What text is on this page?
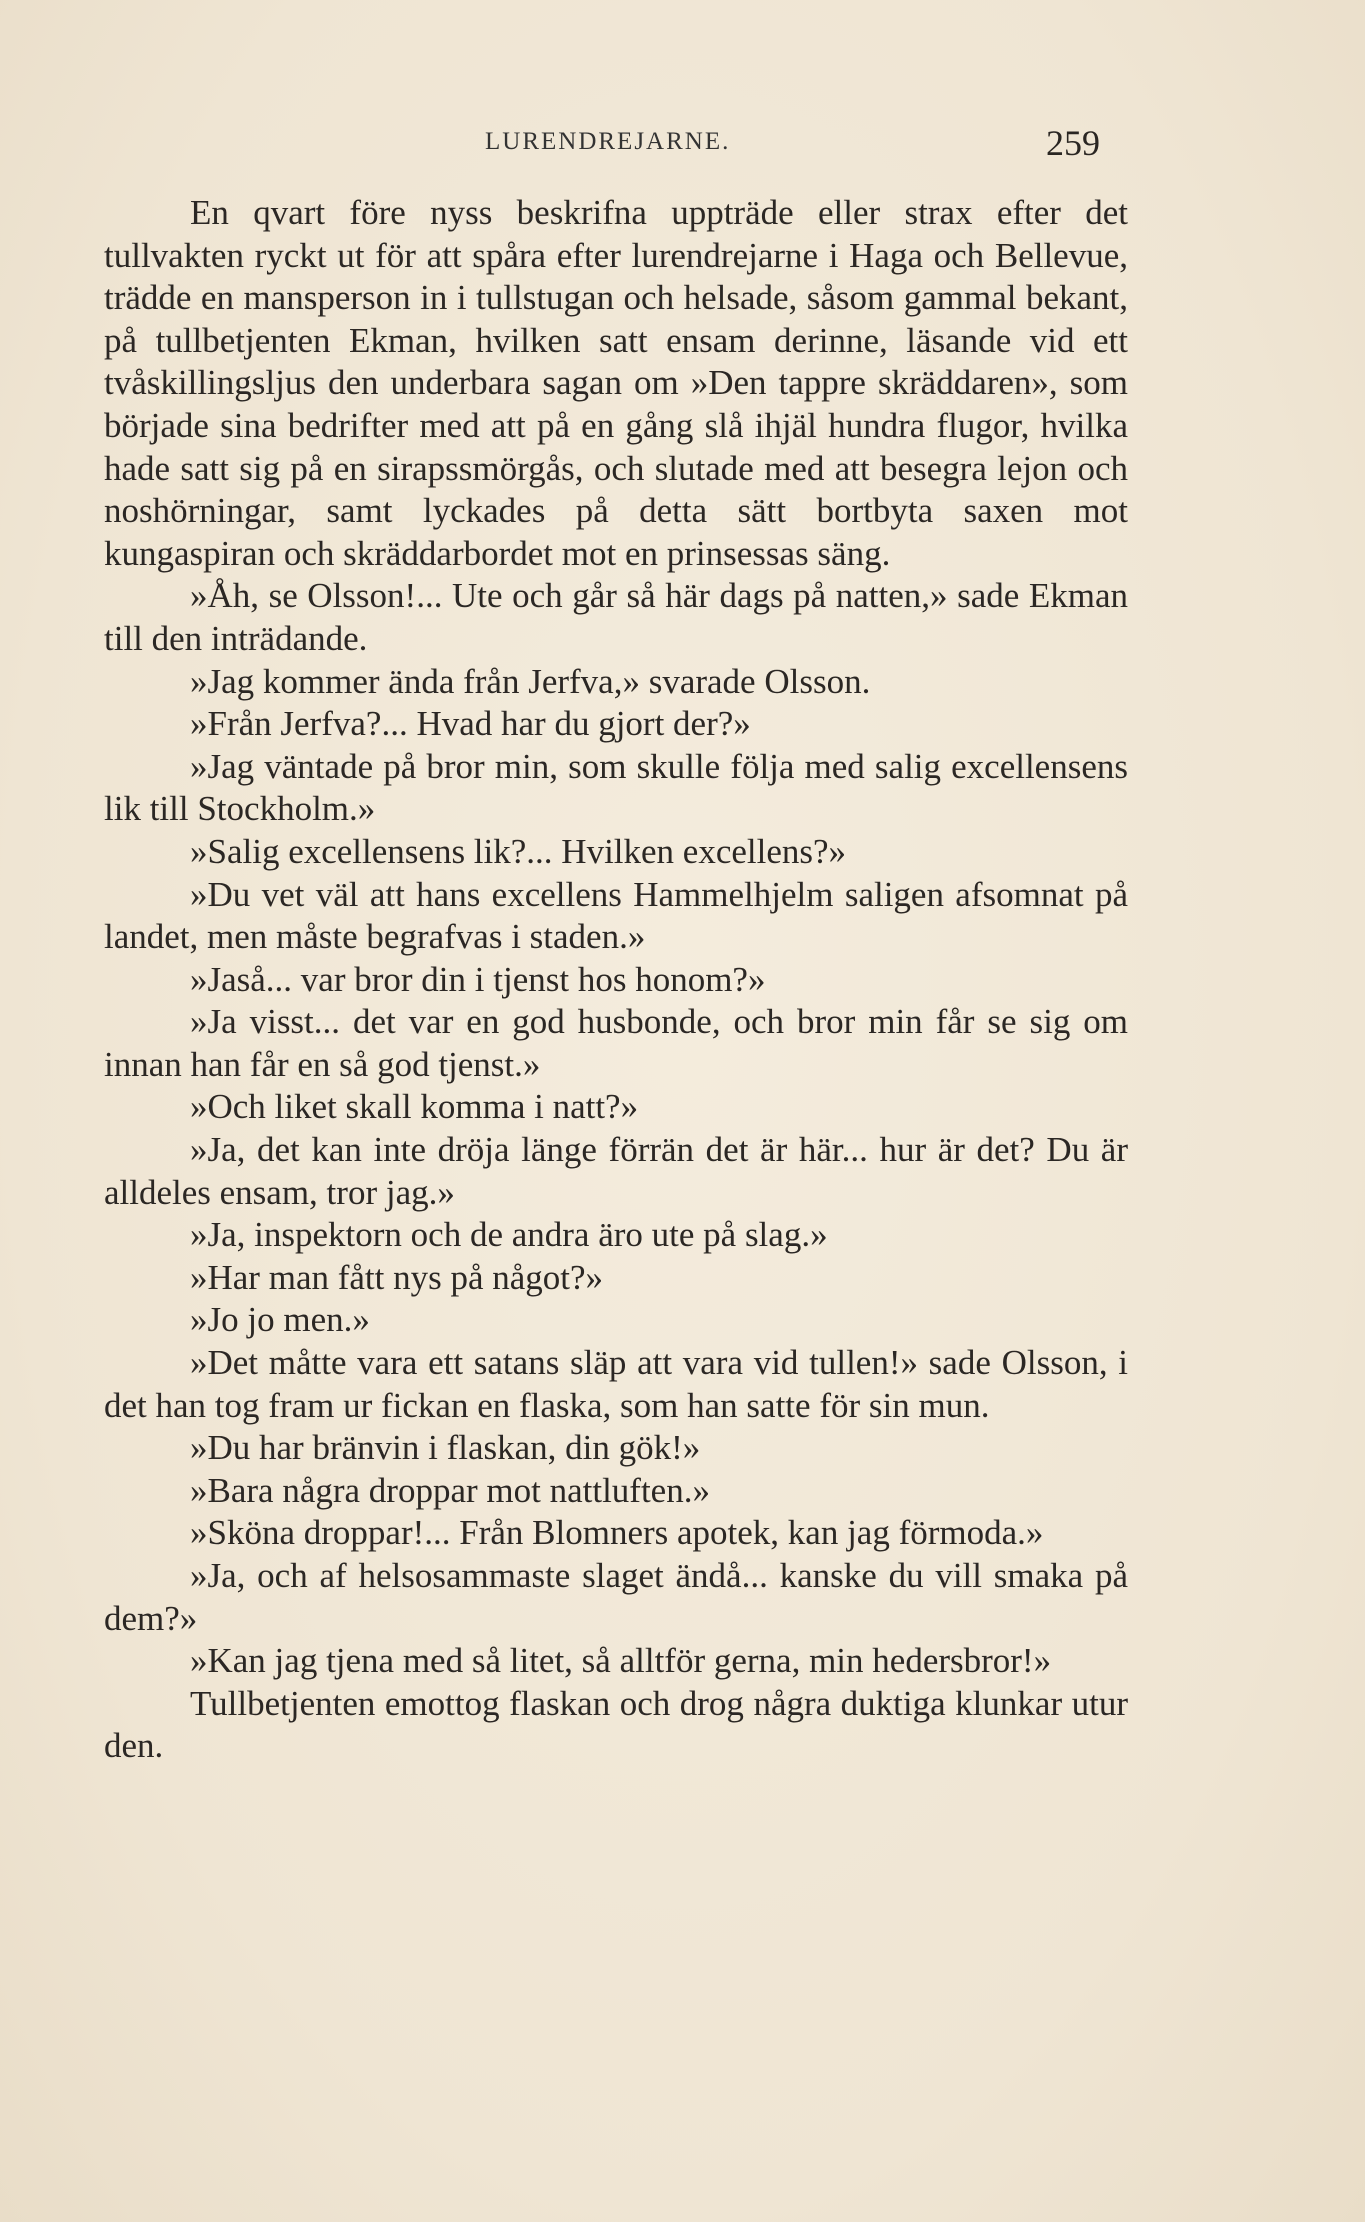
LURENDREJARNE.	259

En qvart före nyss beskrifna uppträde eller strax efter det tullvakten ryckt ut för att spåra efter lurendrejarne i Haga och Bellevue, trädde en mansperson in i tullstugan och helsade, såsom gammal bekant, på tullbetjenten Ekman, hvilken satt ensam derinne, läsande vid ett tvåskillingsljus den underbara sagan om »Den tappre skräddaren», som började sina bedrifter med att på en gång slå ihjäl hundra flugor, hvilka hade satt sig på en sirapssmörgås, och slutade med att besegra lejon och noshörningar, samt lyckades på detta sätt bortbyta saxen mot kungaspiran och skräddarbordet mot en prinsessas säng.

»Åh, se Olsson!... Ute och går så här dags på natten,» sade Ekman till den inträdande.

»Jag kommer ända från Jerfva,» svarade Olsson.

»Från Jerfva?... Hvad har du gjort der?»

»Jag väntade på bror min, som skulle följa med salig excellensens lik till Stockholm.»

»Salig excellensens lik?... Hvilken excellens?»

»Du vet väl att hans excellens Hammelhjelm saligen afsomnat på landet, men måste begrafvas i staden.»

»Jaså... var bror din i tjenst hos honom?»

»Ja visst... det var en god husbonde, och bror min får se sig om innan han får en så god tjenst.»

»Och liket skall komma i natt?»

»Ja, det kan inte dröja länge förrän det är här... hur är det? Du är alldeles ensam, tror jag.»

»Ja, inspektorn och de andra äro ute på slag.»

»Har man fått nys på något?»

»Jo jo men.»

»Det måtte vara ett satans släp att vara vid tullen!» sade Olsson, i det han tog fram ur fickan en flaska, som han satte för sin mun.

»Du har bränvin i flaskan, din gök!»

»Bara några droppar mot nattluften.»

»Sköna droppar!... Från Blomners apotek, kan jag förmoda.»

»Ja, och af helsosammaste slaget ändå... kanske du vill smaka på dem?»

»Kan jag tjena med så litet, så alltför gerna, min hedersbror!»

Tullbetjenten emottog flaskan och drog några duktiga klunkar utur den.
